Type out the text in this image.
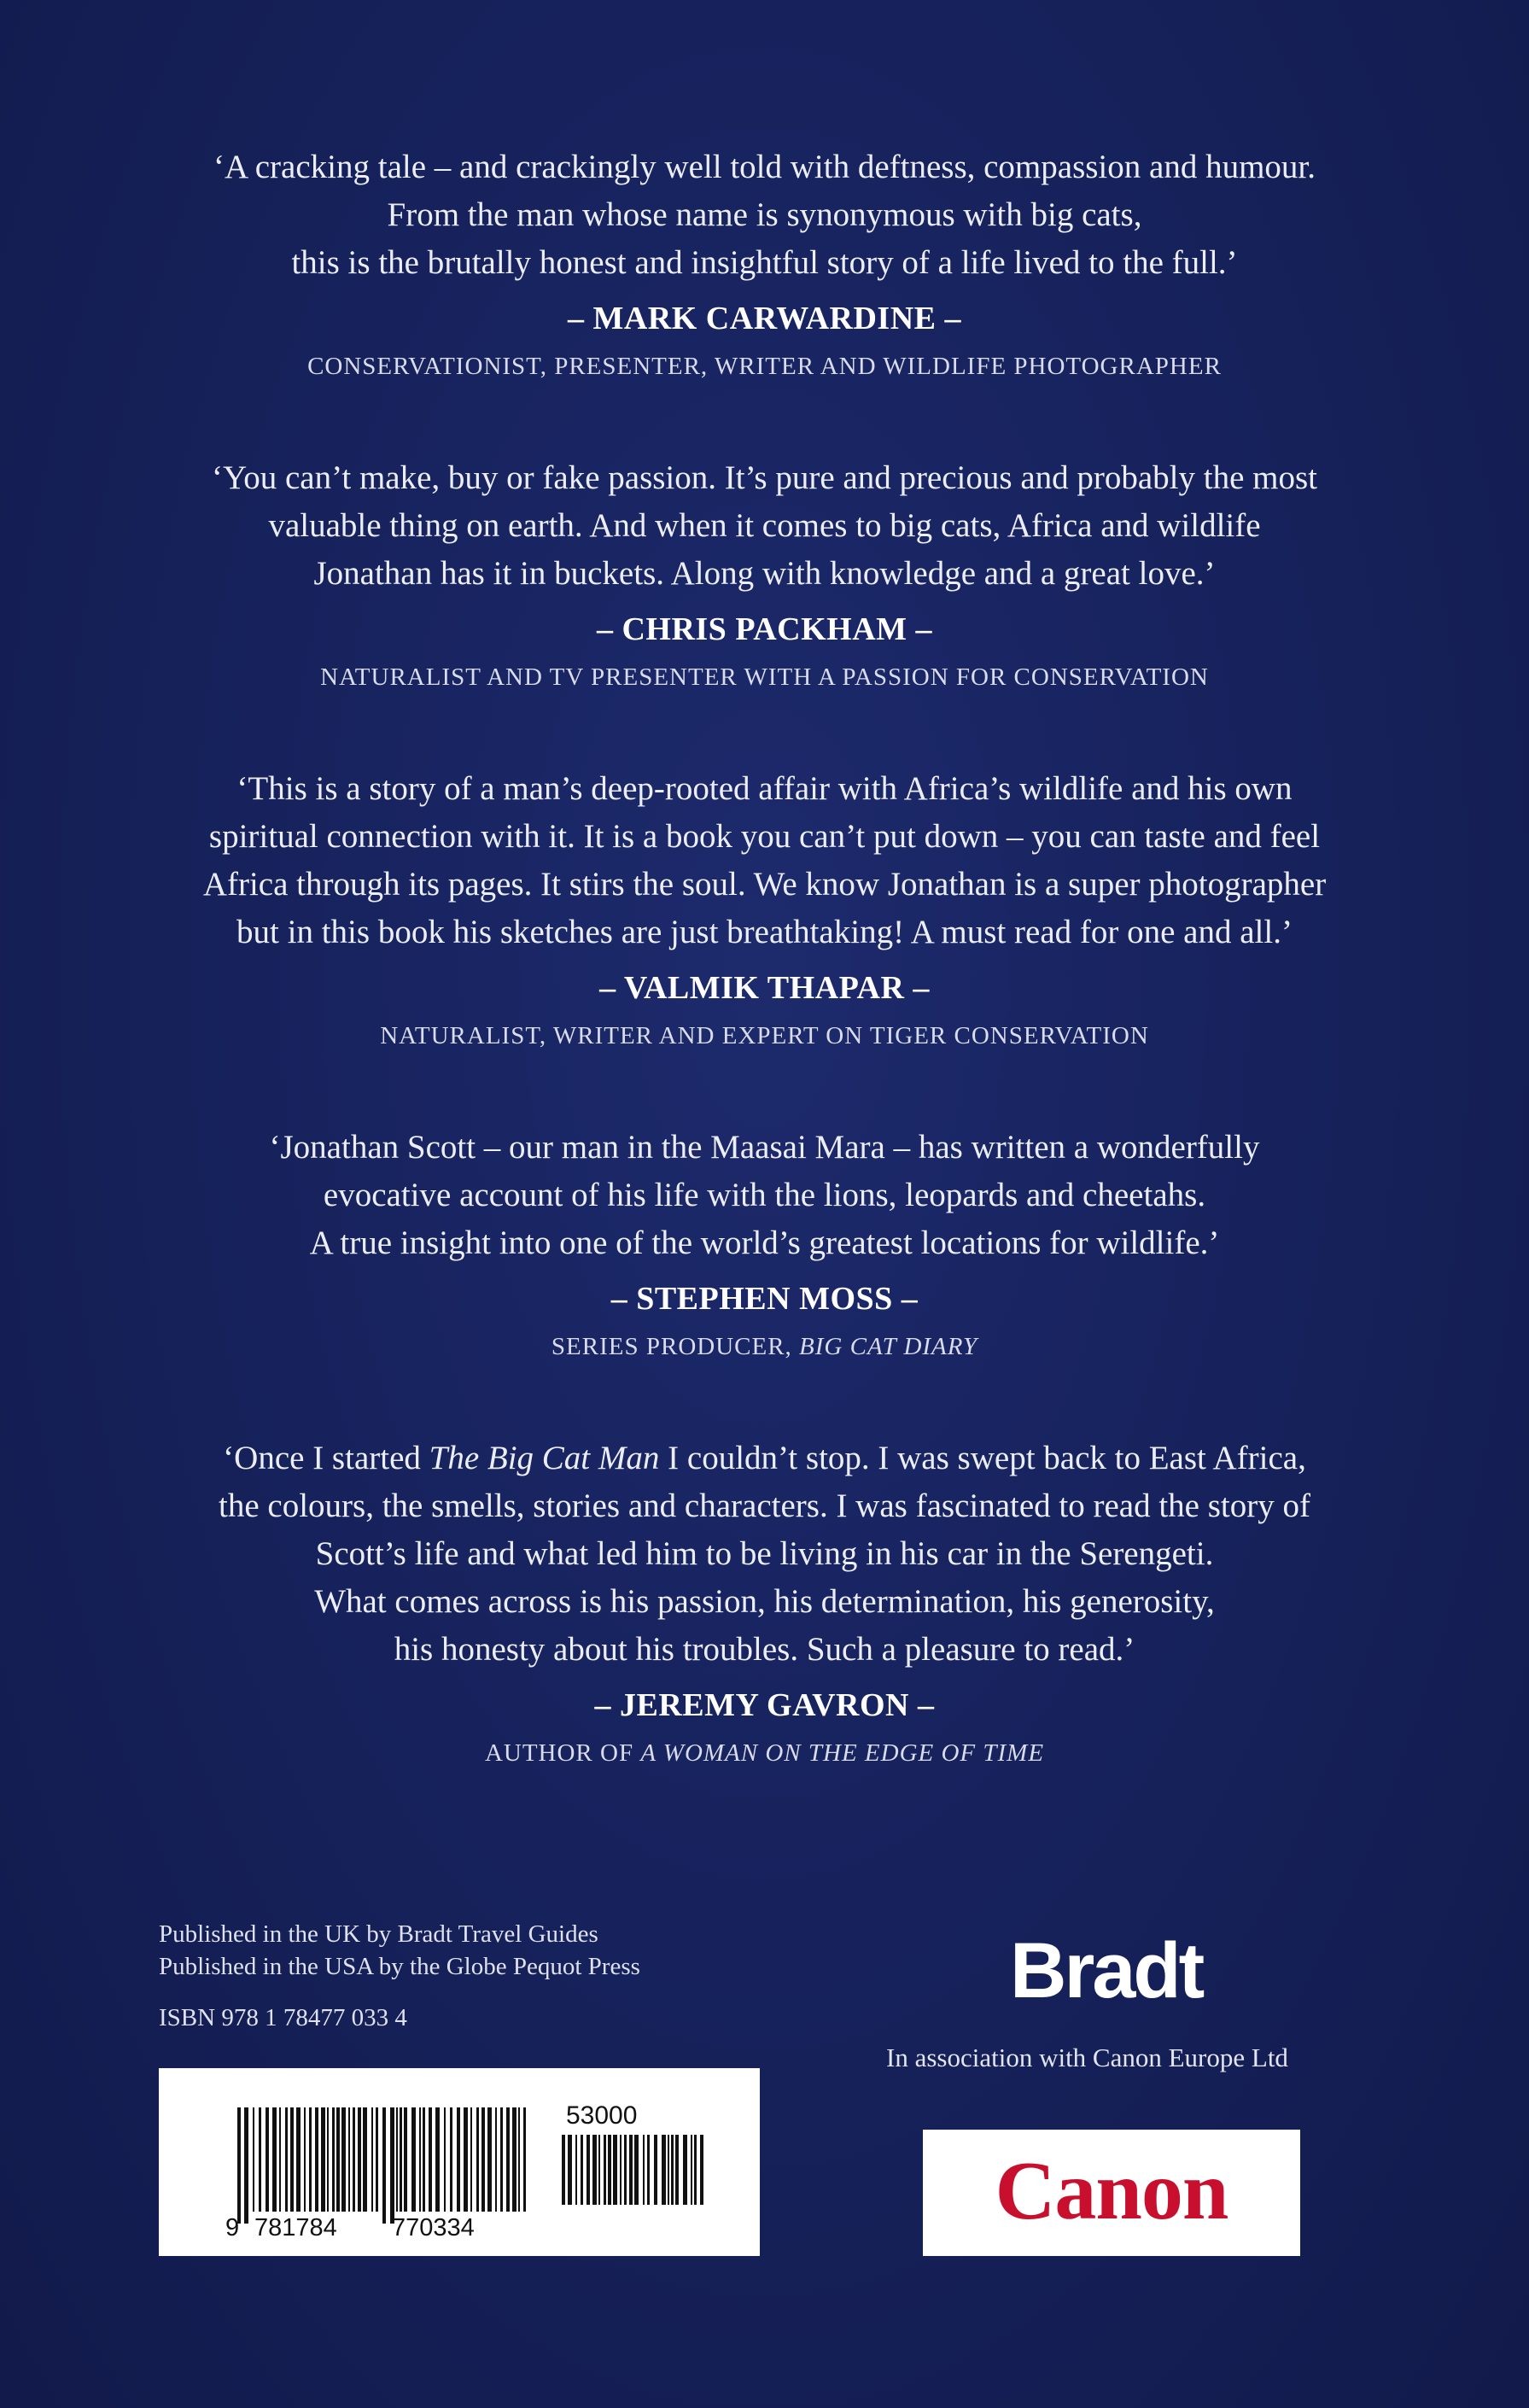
‘A cracking tale – and crackingly well told with deftness, compassion and humour.

From the man whose name is synonymous with big cats,

this is the brutally honest and insightful story of a life lived to the full.’

– MARK CARWARDINE –

CONSERVATIONIST, PRESENTER, WRITER AND WILDLIFE PHOTOGRAPHER

‘You can’t make, buy or fake passion. It’s pure and precious and probably the most

valuable thing on earth. And when it comes to big cats, Africa and wildlife

Jonathan has it in buckets. Along with knowledge and a great love.’

– CHRIS PACKHAM –

NATURALIST AND TV PRESENTER WITH A PASSION FOR CONSERVATION

‘This is a story of a man’s deep-rooted affair with Africa’s wildlife and his own

spiritual connection with it. It is a book you can’t put down – you can taste and feel

Africa through its pages. It stirs the soul. We know Jonathan is a super photographer

but in this book his sketches are just breathtaking! A must read for one and all.’

– VALMIK THAPAR –

NATURALIST, WRITER AND EXPERT ON TIGER CONSERVATION

‘Jonathan Scott – our man in the Maasai Mara – has written a wonderfully

evocative account of his life with the lions, leopards and cheetahs.

A true insight into one of the world’s greatest locations for wildlife.’

– STEPHEN MOSS –

SERIES PRODUCER, BIG CAT DIARY

‘Once I started The Big Cat Man I couldn’t stop. I was swept back to East Africa,

the colours, the smells, stories and characters. I was fascinated to read the story of

Scott’s life and what led him to be living in his car in the Serengeti.

What comes across is his passion, his determination, his generosity,

his honesty about his troubles. Such a pleasure to read.’

– JEREMY GAVRON –

AUTHOR OF A WOMAN ON THE EDGE OF TIME

Published in the UK by Bradt Travel Guides
Published in the USA by the Globe Pequot Press
ISBN 978 1 78477 033 4
53000
9 781784 770334
Bradt
In association with Canon Europe Ltd
Canon
